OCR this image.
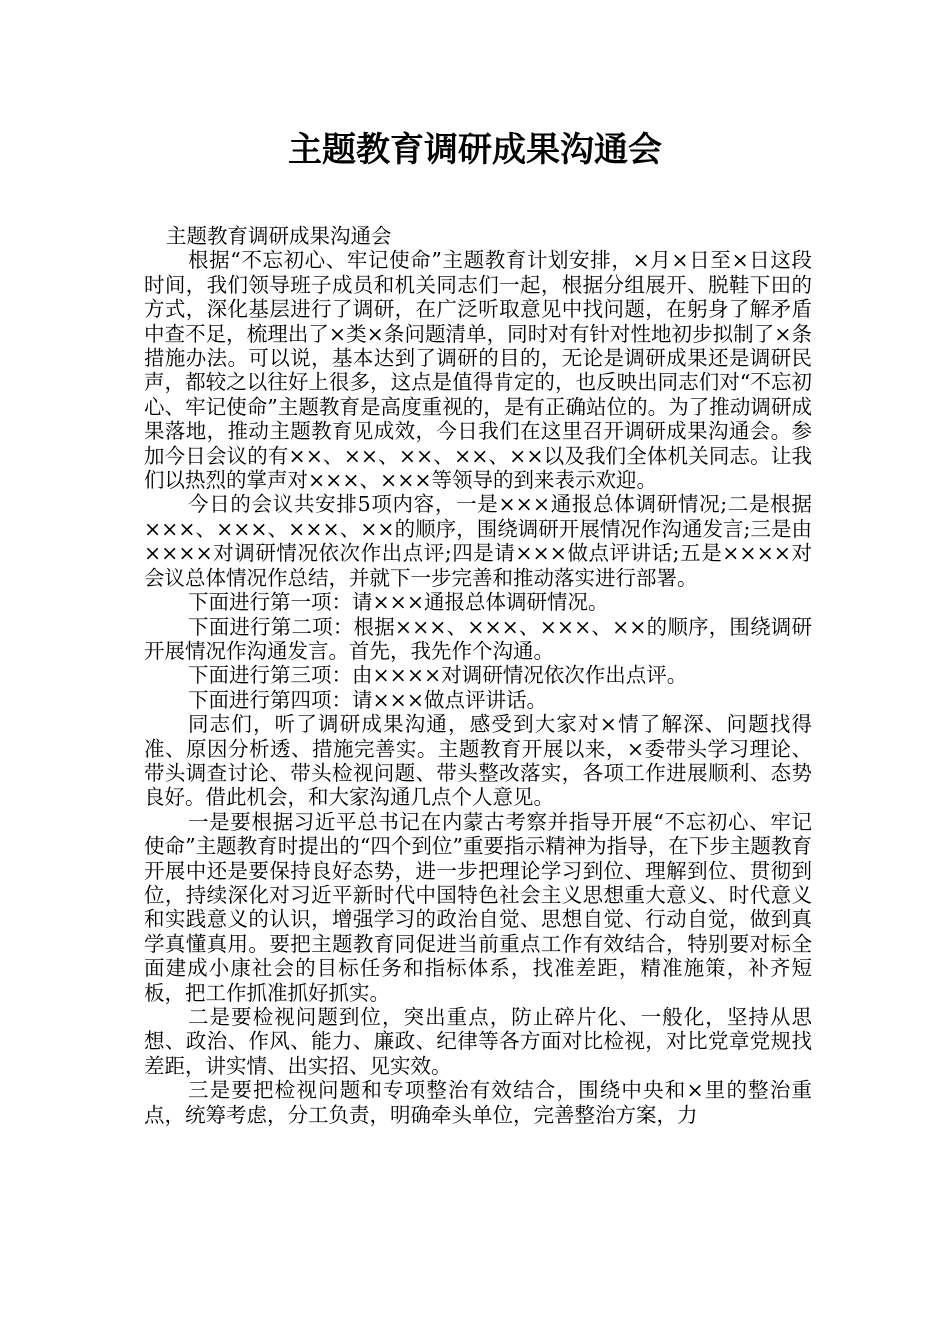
主题教育调研成果沟通会

主题教育调研成果沟通会

根据“不忘初心、牢记使命”主题教育计划安排，×月×日至×日这段时间，我们领导班子成员和机关同志们一起，根据分组展开、脱鞋下田的方式，深化基层进行了调研，在广泛听取意见中找问题，在躬身了解矛盾中查不足，梳理出了×类×条问题清单，同时对有针对性地初步拟制了×条措施办法。可以说，基本达到了调研的目的，无论是调研成果还是调研民声，都较之以往好上很多，这点是值得肯定的，也反映出同志们对“不忘初心、牢记使命”主题教育是高度重视的，是有正确站位的。为了推动调研成果落地，推动主题教育见成效，今日我们在这里召开调研成果沟通会。参加今日会议的有××、××、××、××、××以及我们全体机关同志。让我们以热烈的掌声对×××、×××等领导的到来表示欢迎。

今日的会议共安排5项内容，一是×××通报总体调研情况;二是根据×××、×××、×××、××的顺序，围绕调研开展情况作沟通发言;三是由××××对调研情况依次作出点评;四是请×××做点评讲话;五是××××对会议总体情况作总结，并就下一步完善和推动落实进行部署。

下面进行第一项：请×××通报总体调研情况。

下面进行第二项：根据×××、×××、×××、××的顺序，围绕调研开展情况作沟通发言。首先，我先作个沟通。

下面进行第三项：由××××对调研情况依次作出点评。

下面进行第四项：请×××做点评讲话。

同志们，听了调研成果沟通，感受到大家对×情了解深、问题找得准、原因分析透、措施完善实。主题教育开展以来，×委带头学习理论、带头调查讨论、带头检视问题、带头整改落实，各项工作进展顺利、态势良好。借此机会，和大家沟通几点个人意见。

一是要根据习近平总书记在内蒙古考察并指导开展“不忘初心、牢记使命”主题教育时提出的“四个到位”重要指示精神为指导，在下步主题教育开展中还是要保持良好态势，进一步把理论学习到位、理解到位、贯彻到位，持续深化对习近平新时代中国特色社会主义思想重大意义、时代意义和实践意义的认识，增强学习的政治自觉、思想自觉、行动自觉，做到真学真懂真用。要把主题教育同促进当前重点工作有效结合，特别要对标全面建成小康社会的目标任务和指标体系，找准差距，精准施策，补齐短板，把工作抓准抓好抓实。

二是要检视问题到位，突出重点，防止碎片化、一般化，坚持从思想、政治、作风、能力、廉政、纪律等各方面对比检视，对比党章党规找差距，讲实情、出实招、见实效。

三是要把检视问题和专项整治有效结合，围绕中央和×里的整治重点，统筹考虑，分工负责，明确牵头单位，完善整治方案，力
